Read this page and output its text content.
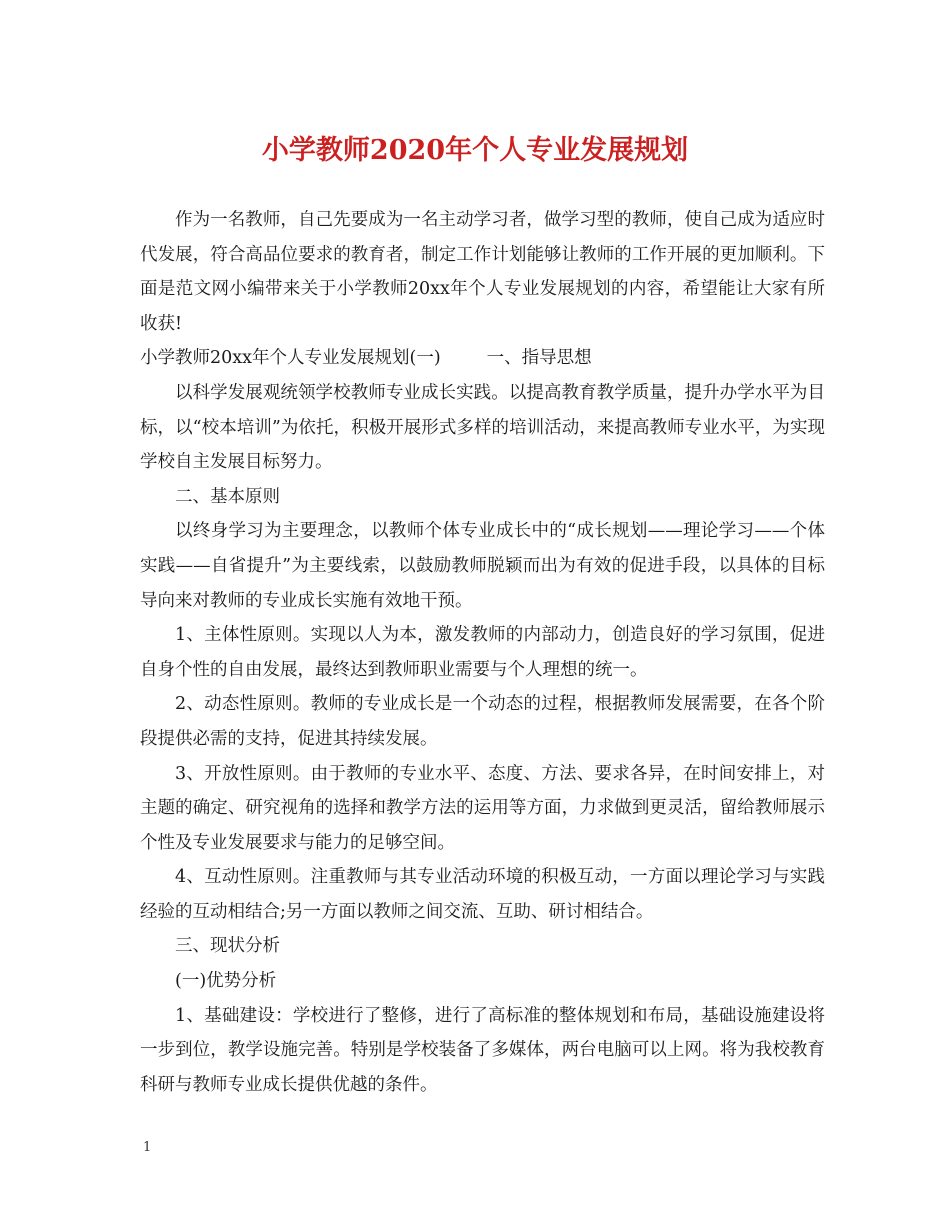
小学教师2020年个人专业发展规划

作为一名教师，自己先要成为一名主动学习者，做学习型的教师，使自己成为适应时代发展，符合高品位要求的教育者，制定工作计划能够让教师的工作开展的更加顺利。下面是范文网小编带来关于小学教师20xx年个人专业发展规划的内容，希望能让大家有所收获!

小学教师20xx年个人专业发展规划(一)	一、指导思想

以科学发展观统领学校教师专业成长实践。以提高教育教学质量，提升办学水平为目标，以“校本培训”为依托，积极开展形式多样的培训活动，来提高教师专业水平，为实现学校自主发展目标努力。

二、基本原则

以终身学习为主要理念，以教师个体专业成长中的“成长规划——理论学习——个体实践——自省提升”为主要线索，以鼓励教师脱颖而出为有效的促进手段，以具体的目标导向来对教师的专业成长实施有效地干预。

1、主体性原则。实现以人为本，激发教师的内部动力，创造良好的学习氛围，促进自身个性的自由发展，最终达到教师职业需要与个人理想的统一。

2、动态性原则。教师的专业成长是一个动态的过程，根据教师发展需要，在各个阶段提供必需的支持，促进其持续发展。

3、开放性原则。由于教师的专业水平、态度、方法、要求各异，在时间安排上，对主题的确定、研究视角的选择和教学方法的运用等方面，力求做到更灵活，留给教师展示个性及专业发展要求与能力的足够空间。

4、互动性原则。注重教师与其专业活动环境的积极互动，一方面以理论学习与实践经验的互动相结合;另一方面以教师之间交流、互助、研讨相结合。

三、现状分析

(一)优势分析

1、基础建设：学校进行了整修，进行了高标准的整体规划和布局，基础设施建设将一步到位，教学设施完善。特别是学校装备了多媒体，两台电脑可以上网。将为我校教育科研与教师专业成长提供优越的条件。

1
